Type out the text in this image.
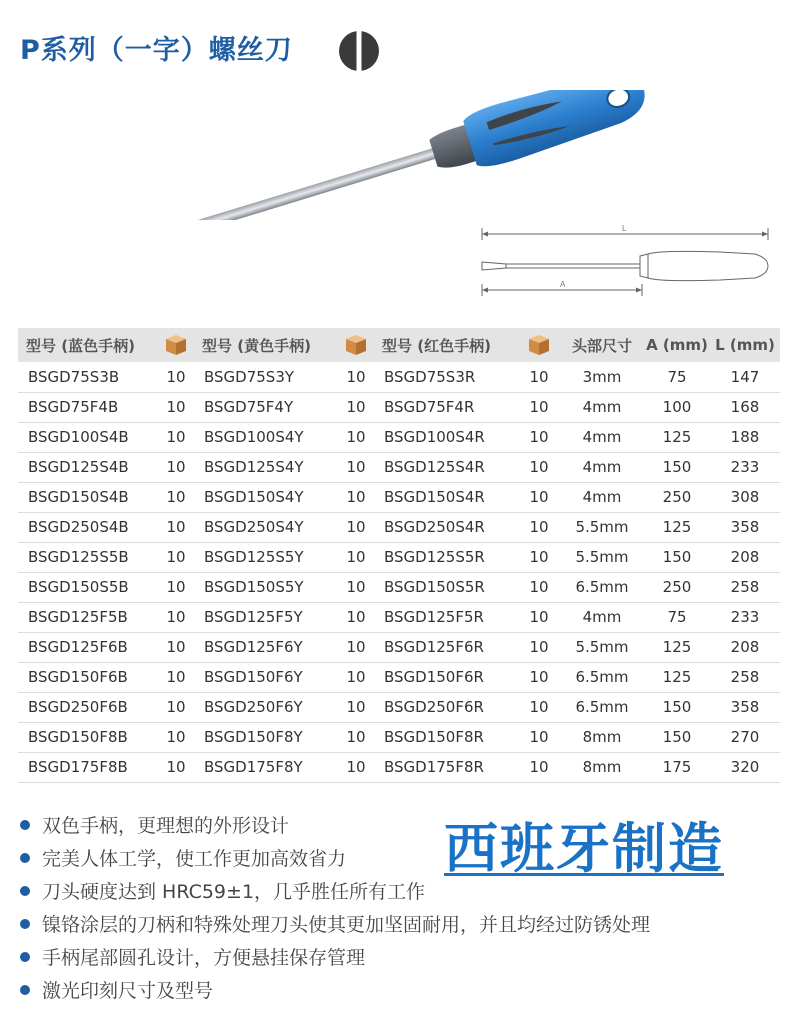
P系列（一字）螺丝刀
L
A
型号 (蓝色手柄)		型号 (黄色手柄)		型号 (红色手柄)		头部尺寸	A (mm)	L (mm)
BSGD75S3B	10	BSGD75S3Y	10	BSGD75S3R	10	3mm	75	147
BSGD75F4B	10	BSGD75F4Y	10	BSGD75F4R	10	4mm	100	168
BSGD100S4B	10	BSGD100S4Y	10	BSGD100S4R	10	4mm	125	188
BSGD125S4B	10	BSGD125S4Y	10	BSGD125S4R	10	4mm	150	233
BSGD150S4B	10	BSGD150S4Y	10	BSGD150S4R	10	4mm	250	308
BSGD250S4B	10	BSGD250S4Y	10	BSGD250S4R	10	5.5mm	125	358
BSGD125S5B	10	BSGD125S5Y	10	BSGD125S5R	10	5.5mm	150	208
BSGD150S5B	10	BSGD150S5Y	10	BSGD150S5R	10	6.5mm	250	258
BSGD125F5B	10	BSGD125F5Y	10	BSGD125F5R	10	4mm	75	233
BSGD125F6B	10	BSGD125F6Y	10	BSGD125F6R	10	5.5mm	125	208
BSGD150F6B	10	BSGD150F6Y	10	BSGD150F6R	10	6.5mm	125	258
BSGD250F6B	10	BSGD250F6Y	10	BSGD250F6R	10	6.5mm	150	358
BSGD150F8B	10	BSGD150F8Y	10	BSGD150F8R	10	8mm	150	270
BSGD175F8B	10	BSGD175F8Y	10	BSGD175F8R	10	8mm	175	320
双色手柄，更理想的外形设计
完美人体工学，使工作更加高效省力
刀头硬度达到 HRC59±1，几乎胜任所有工作
镍铬涂层的刀柄和特殊处理刀头使其更加坚固耐用，并且均经过防锈处理
手柄尾部圆孔设计，方便悬挂保存管理
激光印刻尺寸及型号
西班牙制造
